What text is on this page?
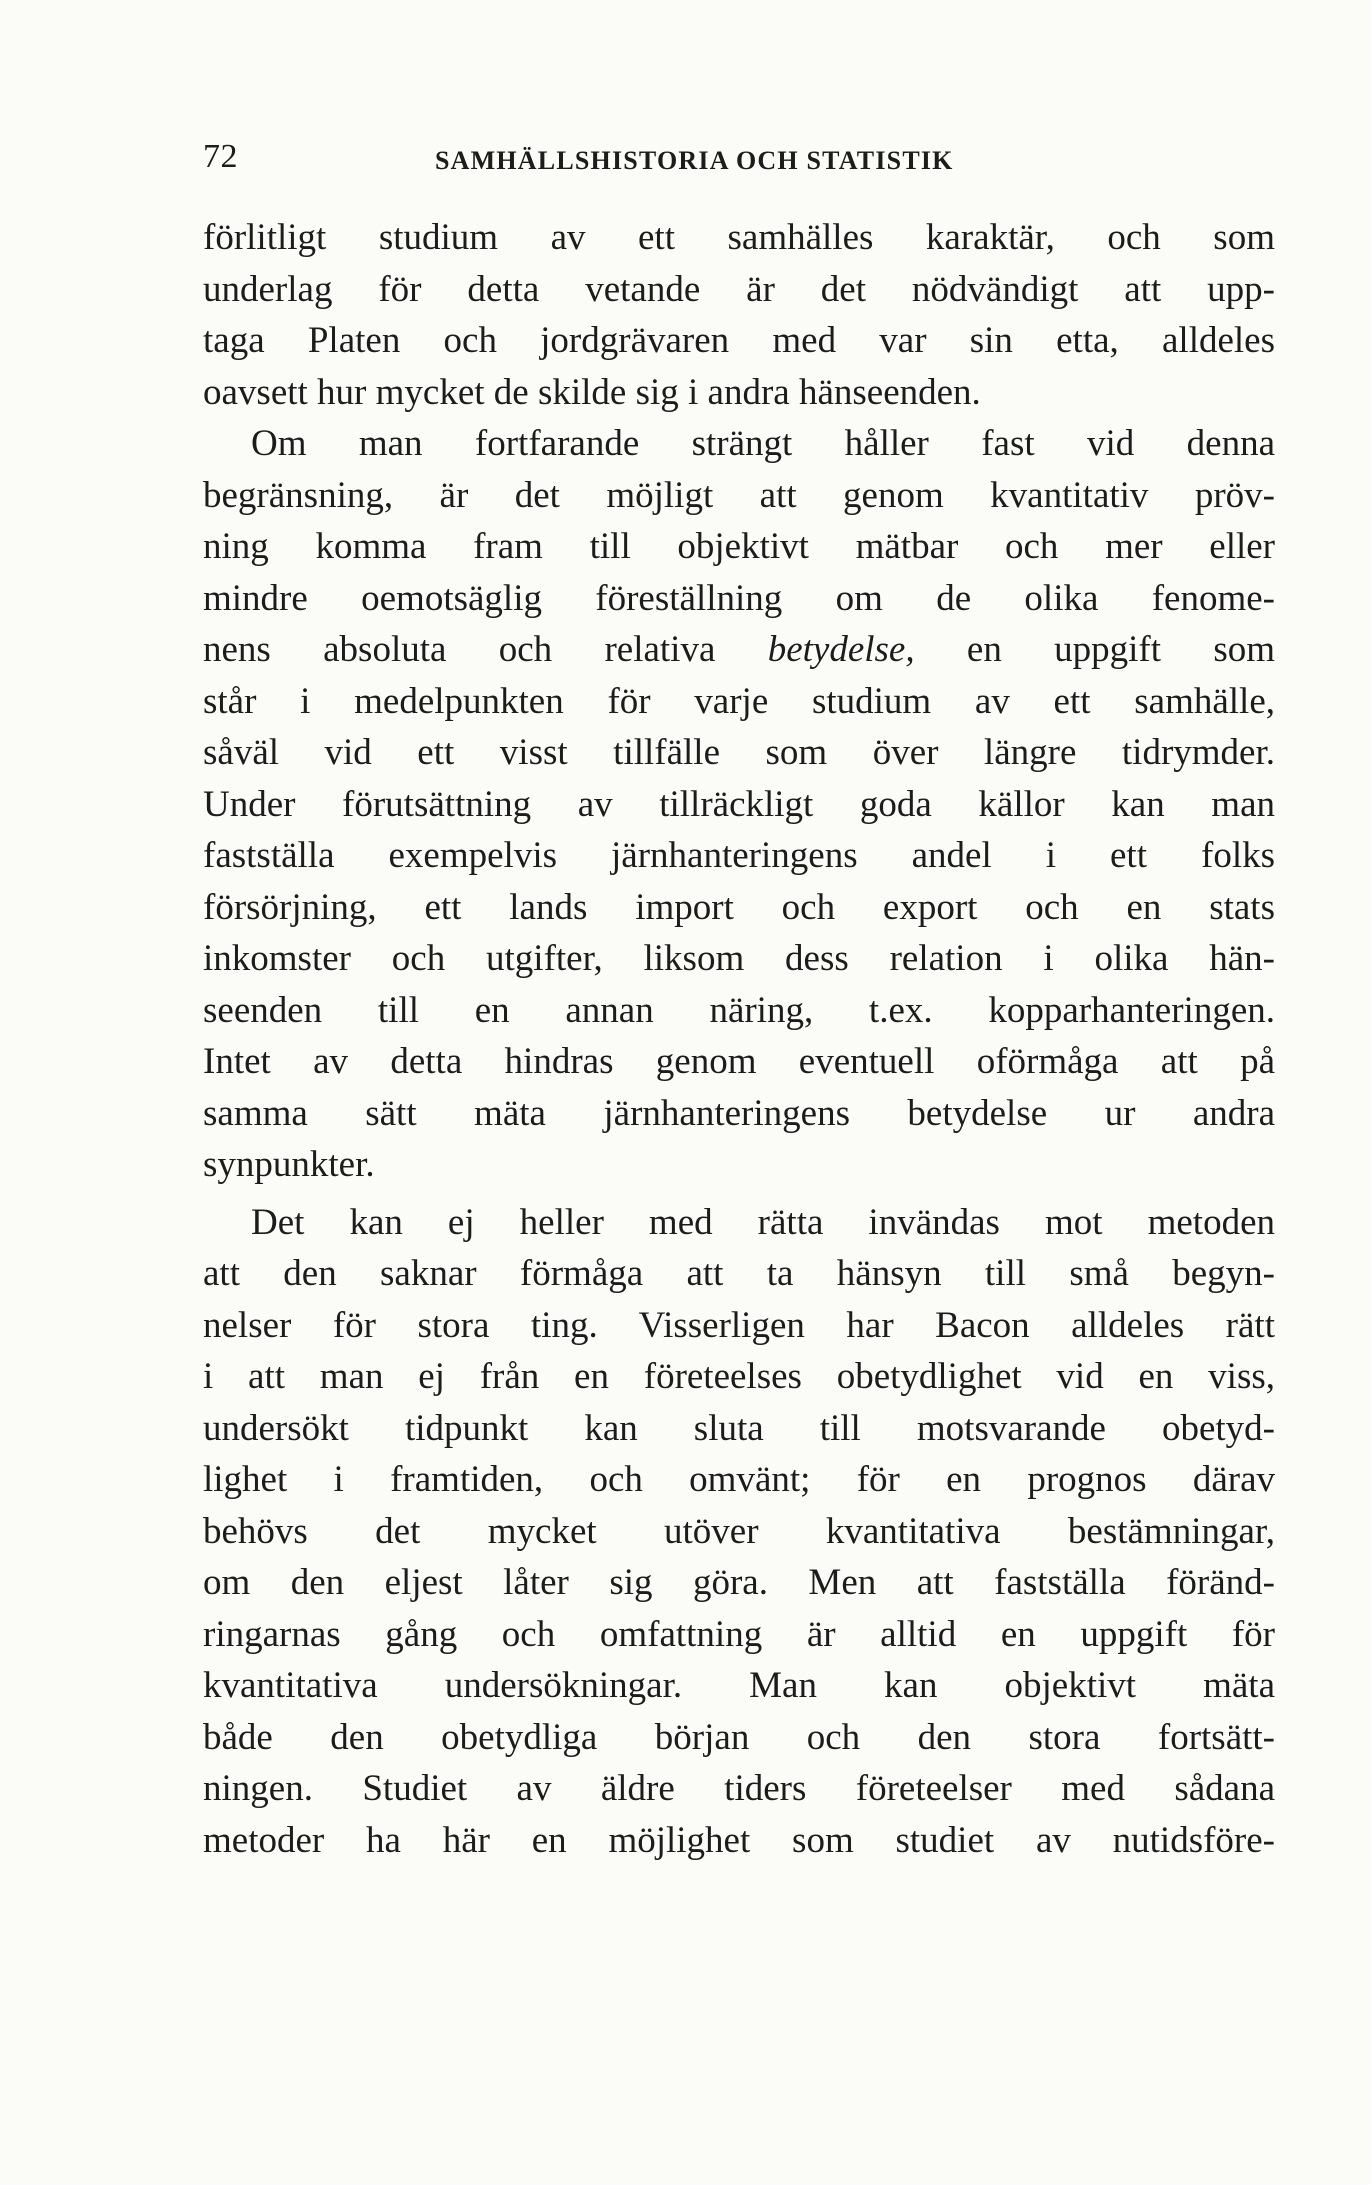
72	SAMHÄLLSHISTORIA OCH STATISTIK
förlitligt studium av ett samhälles karaktär, och som
underlag för detta vetande är det nödvändigt att upp-
taga Platen och jordgrävaren med var sin etta, alldeles
oavsett hur mycket de skilde sig i andra hänseenden.
Om man fortfarande strängt håller fast vid denna
begränsning, är det möjligt att genom kvantitativ pröv-
ning komma fram till objektivt mätbar och mer eller
mindre oemotsäglig föreställning om de olika fenome-
nens absoluta och relativa betydelse, en uppgift som
står i medelpunkten för varje studium av ett samhälle,
såväl vid ett visst tillfälle som över längre tidrymder.
Under förutsättning av tillräckligt goda källor kan man
fastställa exempelvis järnhanteringens andel i ett folks
försörjning, ett lands import och export och en stats
inkomster och utgifter, liksom dess relation i olika hän-
seenden till en annan näring, t.ex. kopparhanteringen.
Intet av detta hindras genom eventuell oförmåga att på
samma sätt mäta järnhanteringens betydelse ur andra
synpunkter.
Det kan ej heller med rätta invändas mot metoden
att den saknar förmåga att ta hänsyn till små begyn-
nelser för stora ting. Visserligen har Bacon alldeles rätt
i att man ej från en företeelses obetydlighet vid en viss,
undersökt tidpunkt kan sluta till motsvarande obetyd-
lighet i framtiden, och omvänt; för en prognos därav
behövs det mycket utöver kvantitativa bestämningar,
om den eljest låter sig göra. Men att fastställa föränd-
ringarnas gång och omfattning är alltid en uppgift för
kvantitativa undersökningar. Man kan objektivt mäta
både den obetydliga början och den stora fortsätt-
ningen. Studiet av äldre tiders företeelser med sådana
metoder ha här en möjlighet som studiet av nutidsföre-
